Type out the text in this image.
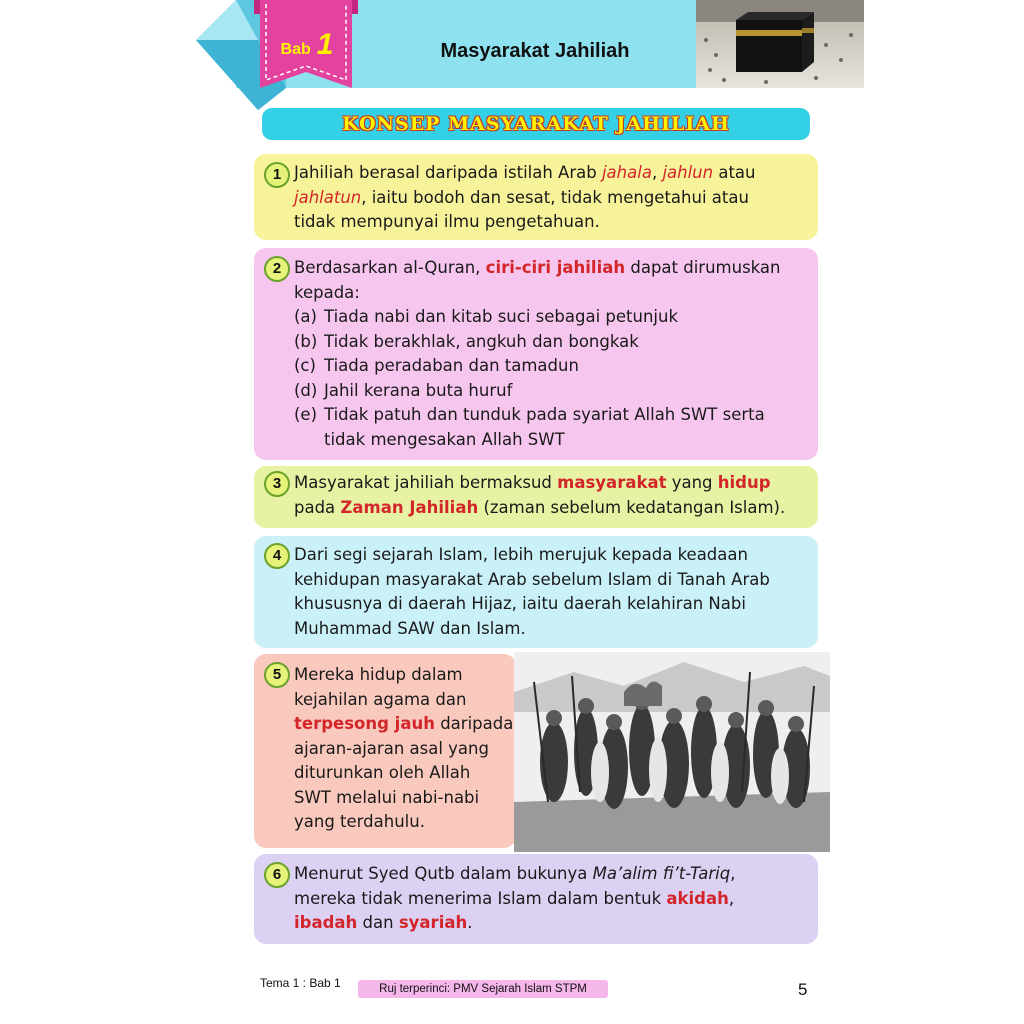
Bab 1	Masyarakat Jahiliah
KONSEP MASYARAKAT JAHILIAH
1 Jahiliah berasal daripada istilah Arab jahala, jahlun atau
jahlatun, iaitu bodoh dan sesat, tidak mengetahui atau
tidak mempunyai ilmu pengetahuan.
2 Berdasarkan al-Quran, ciri-ciri jahiliah dapat dirumuskan
kepada:
(a) Tiada nabi dan kitab suci sebagai petunjuk
(b) Tidak berakhlak, angkuh dan bongkak
(c) Tiada peradaban dan tamadun
(d) Jahil kerana buta huruf
(e) Tidak patuh dan tunduk pada syariat Allah SWT serta
tidak mengesakan Allah SWT
3 Masyarakat jahiliah bermaksud masyarakat yang hidup
pada Zaman Jahiliah (zaman sebelum kedatangan Islam).
4 Dari segi sejarah Islam, lebih merujuk kepada keadaan
kehidupan masyarakat Arab sebelum Islam di Tanah Arab
khususnya di daerah Hijaz, iaitu daerah kelahiran Nabi
Muhammad SAW dan Islam.
5 Mereka hidup dalam
kejahilan agama dan
terpesong jauh daripada
ajaran-ajaran asal yang
diturunkan oleh Allah
SWT melalui nabi-nabi
yang terdahulu.
6 Menurut Syed Qutb dalam bukunya Ma’alim fi’t-Tariq,
mereka tidak menerima Islam dalam bentuk akidah,
ibadah dan syariah.
Tema 1 : Bab 1	Ruj terperinci: PMV Sejarah Islam STPM	5
